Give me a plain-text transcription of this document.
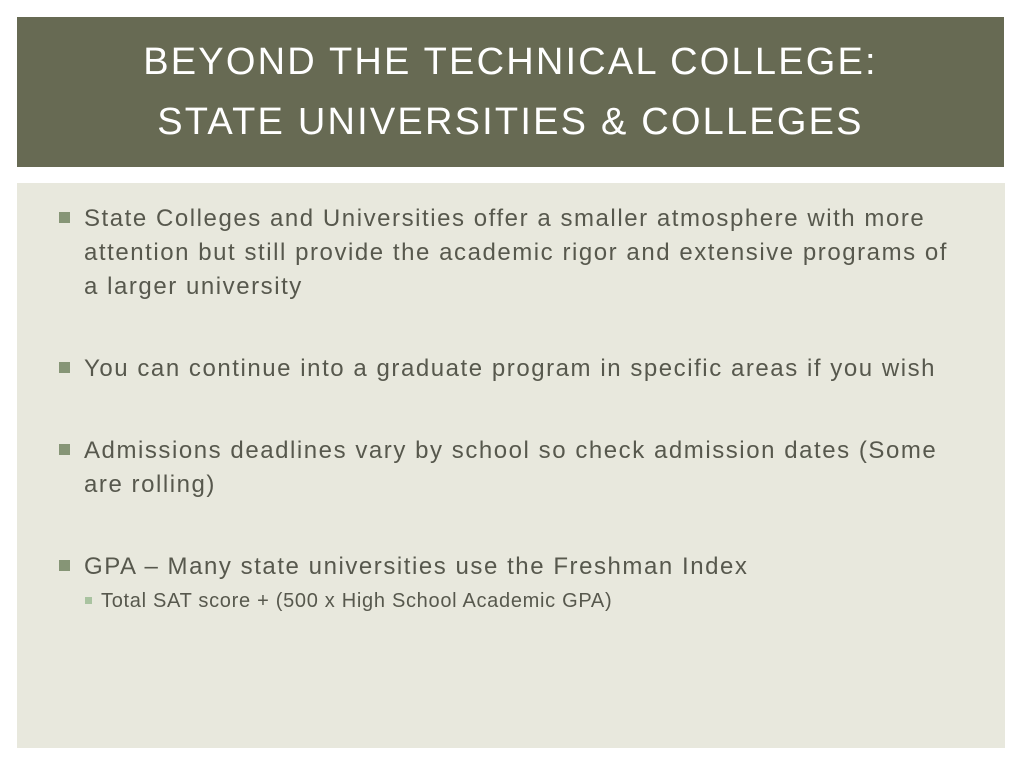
BEYOND THE TECHNICAL COLLEGE:
STATE UNIVERSITIES & COLLEGES
State Colleges and Universities offer a smaller atmosphere with more attention but still provide the academic rigor and extensive programs of a larger university
You can continue into a graduate program in specific areas if you wish
Admissions deadlines vary by school so check admission dates (Some are rolling)
GPA – Many state universities use the Freshman Index
Total SAT score + (500 x High School Academic GPA)
